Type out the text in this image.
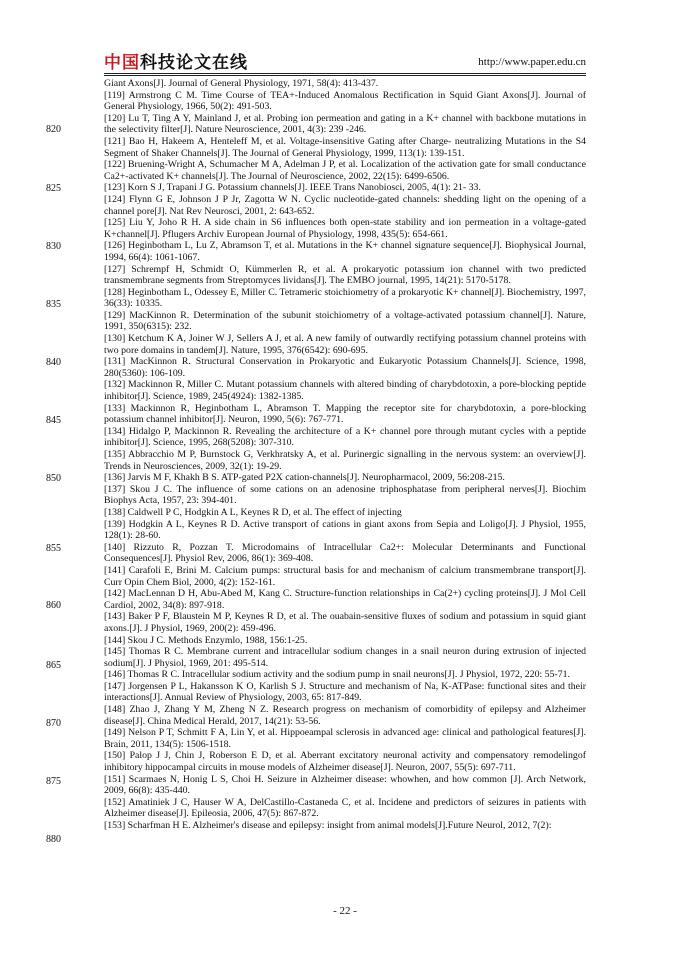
中国科技论文在线	http://www.paper.edu.cn

Giant Axons[J]. Journal of General Physiology, 1971, 58(4): 413-437.

[119] Armstrong C M. Time Course of TEA+-Induced Anomalous Rectification in Squid Giant Axons[J]. Journal of General Physiology, 1966, 50(2): 491-503.

[120] Lu T, Ting A Y, Mainland J, et al. Probing ion permeation and gating in a K+ channel with backbone mutations in the selectivity filter[J]. Nature Neuroscience, 2001, 4(3): 239 -246.

[121] Bao H, Hakeem A, Henteleff M, et al. Voltage-insensitive Gating after Charge- neutralizing Mutations in the S4 Segment of Shaker Channels[J]. The Journal of General Physiology, 1999, 113(1): 139-151.

[122] Bruening-Wright A, Schumacher M A, Adelman J P, et al. Localization of the activation gate for small conductance Ca2+-activated K+ channels[J]. The Journal of Neuroscience, 2002, 22(15): 6499-6506.

[123] Korn S J, Trapani J G. Potassium channels[J]. IEEE Trans Nanobiosci, 2005, 4(1): 21- 33.

[124] Flynn G E, Johnson J P Jr, Zagotta W N. Cyclic nucleotide-gated channels: shedding light on the opening of a channel pore[J]. Nat Rev Neurosci, 2001, 2: 643-652.

[125] Liu Y, Joho R H. A side chain in S6 influences both open-state stability and ion permeation in a voltage-gated K+channel[J]. Pflugers Archiv European Journal of Physiology, 1998, 435(5): 654-661.

[126] Heginbotham L, Lu Z, Abramson T, et al. Mutations in the K+ channel signature sequence[J]. Biophysical Journal, 1994, 66(4): 1061-1067.

[127] Schrempf H, Schmidt O, Kümmerlen R, et al. A prokaryotic potassium ion channel with two predicted transmembrane segments from Streptomyces lividans[J]. The EMBO journal, 1995, 14(21): 5170-5178.

[128] Heginbotham L, Odessey E, Miller C. Tetrameric stoichiometry of a prokaryotic K+ channel[J]. Biochemistry, 1997, 36(33): 10335.

[129] MacKinnon R. Determination of the subunit stoichiometry of a voltage-activated potassium channel[J]. Nature, 1991, 350(6315): 232.

[130] Ketchum K A, Joiner W J, Sellers A J, et al. A new family of outwardly rectifying potassium channel proteins with two pore domains in tandem[J]. Nature, 1995, 376(6542): 690-695.

[131] MacKinnon R. Structural Conservation in Prokaryotic and Eukaryotic Potassium Channels[J]. Science, 1998, 280(5360): 106-109.

[132] Mackinnon R, Miller C. Mutant potassium channels with altered binding of charybdotoxin, a pore-blocking peptide inhibitor[J]. Science, 1989, 245(4924): 1382-1385.

[133] Mackinnon R, Heginbotham L, Abramson T. Mapping the receptor site for charybdotoxin, a pore-blocking potassium channel inhibitor[J]. Neuron, 1990, 5(6): 767-771.

[134] Hidalgo P, Mackinnon R. Revealing the architecture of a K+ channel pore through mutant cycles with a peptide inhibitor[J]. Science, 1995, 268(5208): 307-310.

[135] Abbracchio M P, Burnstock G, Verkhratsky A, et al. Purinergic signalling in the nervous system: an overview[J]. Trends in Neurosciences, 2009, 32(1): 19-29.

[136] Jarvis M F, Khakh B S. ATP-gated P2X cation-channels[J]. Neuropharmacol, 2009, 56:208-215.

[137] Skou J C. The influence of some cations on an adenosine triphosphatase from peripheral nerves[J]. Biochim Biophys Acta, 1957, 23: 394-401.

[138] Caldwell P C, Hodgkin A L, Keynes R D, et al. The effect of injecting

[139] Hodgkin A L, Keynes R D. Active transport of cations in giant axons from Sepia and Loligo[J]. J Physiol, 1955, 128(1): 28-60.

[140] Rizzuto R, Pozzan T. Microdomains of Intracellular Ca2+: Molecular Determinants and Functional Consequences[J]. Physiol Rev, 2006, 86(1): 369-408.

[141] Carafoli E, Brini M. Calcium pumps: structural basis for and mechanism of calcium transmembrane transport[J]. Curr Opin Chem Biol, 2000, 4(2): 152-161.

[142] MacLennan D H, Abu-Abed M, Kang C. Structure-function relationships in Ca(2+) cycling proteins[J]. J Mol Cell Cardiol, 2002, 34(8): 897-918.

[143] Baker P F, Blaustein M P, Keynes R D, et al. The ouabain-sensitive fluxes of sodium and potassium in squid giant axons.[J]. J Physiol, 1969, 200(2): 459-496.

[144] Skou J C. Methods Enzymlo, 1988, 156:1-25.

[145] Thomas R C. Membrane current and intracellular sodium changes in a snail neuron during extrusion of injected sodium[J]. J Physiol, 1969, 201: 495-514.

[146] Thomas R C. Intracellular sodium activity and the sodium pump in snail neurons[J]. J Physiol, 1972, 220: 55-71.

[147] Jorgensen P L, Hakansson K O, Karlish S J. Structure and mechanism of Na, K-ATPase: functional sites and their interactions[J]. Annual Review of Physiology, 2003, 65: 817-849.

[148] Zhao J, Zhang Y M, Zheng N Z. Research progress on mechanism of comorbidity of epilepsy and Alzheimer disease[J]. China Medical Herald, 2017, 14(21): 53-56.

[149] Nelson P T, Schmitt F A, Lin Y, et al. Hippoeampal sclerosis in advanced age: clinical and pathological features[J]. Brain, 2011, 134(5): 1506-1518.

[150] Palop J J, Chin J, Roberson E D, et al. Aberrant excitatory neuronal activity and compensatory remodelingof inhibitory hippocampal circuits in mouse models of Alzheimer disease[J]. Neuron, 2007, 55(5): 697-711.

[151] Scarmaes N, Honig L S, Choi H. Seizure in Alzheimer disease: whowhen, and how common [J]. Arch Network, 2009, 66(8): 435-440.

[152] Amatiniek J C, Hauser W A, DelCastillo-Castaneda C, et al. Incidene and predictors of seizures in patients with Alzheimer disease[J]. Epileosia, 2006, 47(5): 867-872.

[153] Scharfman H E. Alzheimer's disease and epilepsy: insight from animal models[J].Future Neurol, 2012, 7(2):

820
825
830
835
840
845
850
855
860
865
870
875
880
- 22 -
